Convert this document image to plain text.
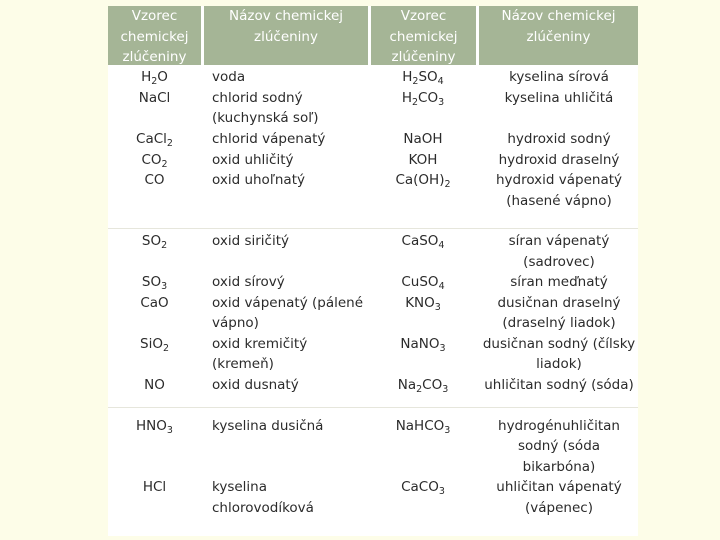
Vzorec
chemickej
zlúčeniny
Názov chemickej
zlúčeniny
Vzorec
chemickej
zlúčeniny
Názov chemickej
zlúčeniny
$H_2O$
NaCl
CaCl$_2$
$CO_2$
CO
$SO_2$
$SO_3$
CaO
SiO$_2$
NO
$HNO_3$
HCl
voda
chlorid sodný
(kuchynská soľ)
chlorid vápenatý
oxid uhličitý
oxid uhoľnatý
oxid siričitý
oxid sírový
oxid vápenatý (pálené
vápno)
oxid kremičitý
(kremeň)
oxid dusnatý
kyselina dusičná
kyselina
chlorovodíková
$H_2SO_4$
$H_2CO_3$
NaOH
KOH
$Ca(OH)_2$
CaSO$_4$
CuSO$_4$
$KNO_3$
NaNO$_3$
$Na_2CO_3$
NaHCO$_3$
CaCO$_3$
kyselina sírová
kyselina uhličitá
hydroxid sodný
hydroxid draselný
hydroxid vápenatý
(hasené vápno)
síran vápenatý
(sadrovec)
síran meďnatý
dusičnan draselný
(draselný liadok)
dusičnan sodný (čílsky
liadok)
uhličitan sodný (sóda)
hydrogénuhličitan
sodný (sóda
bikarbóna)
uhličitan vápenatý
(vápenec)
